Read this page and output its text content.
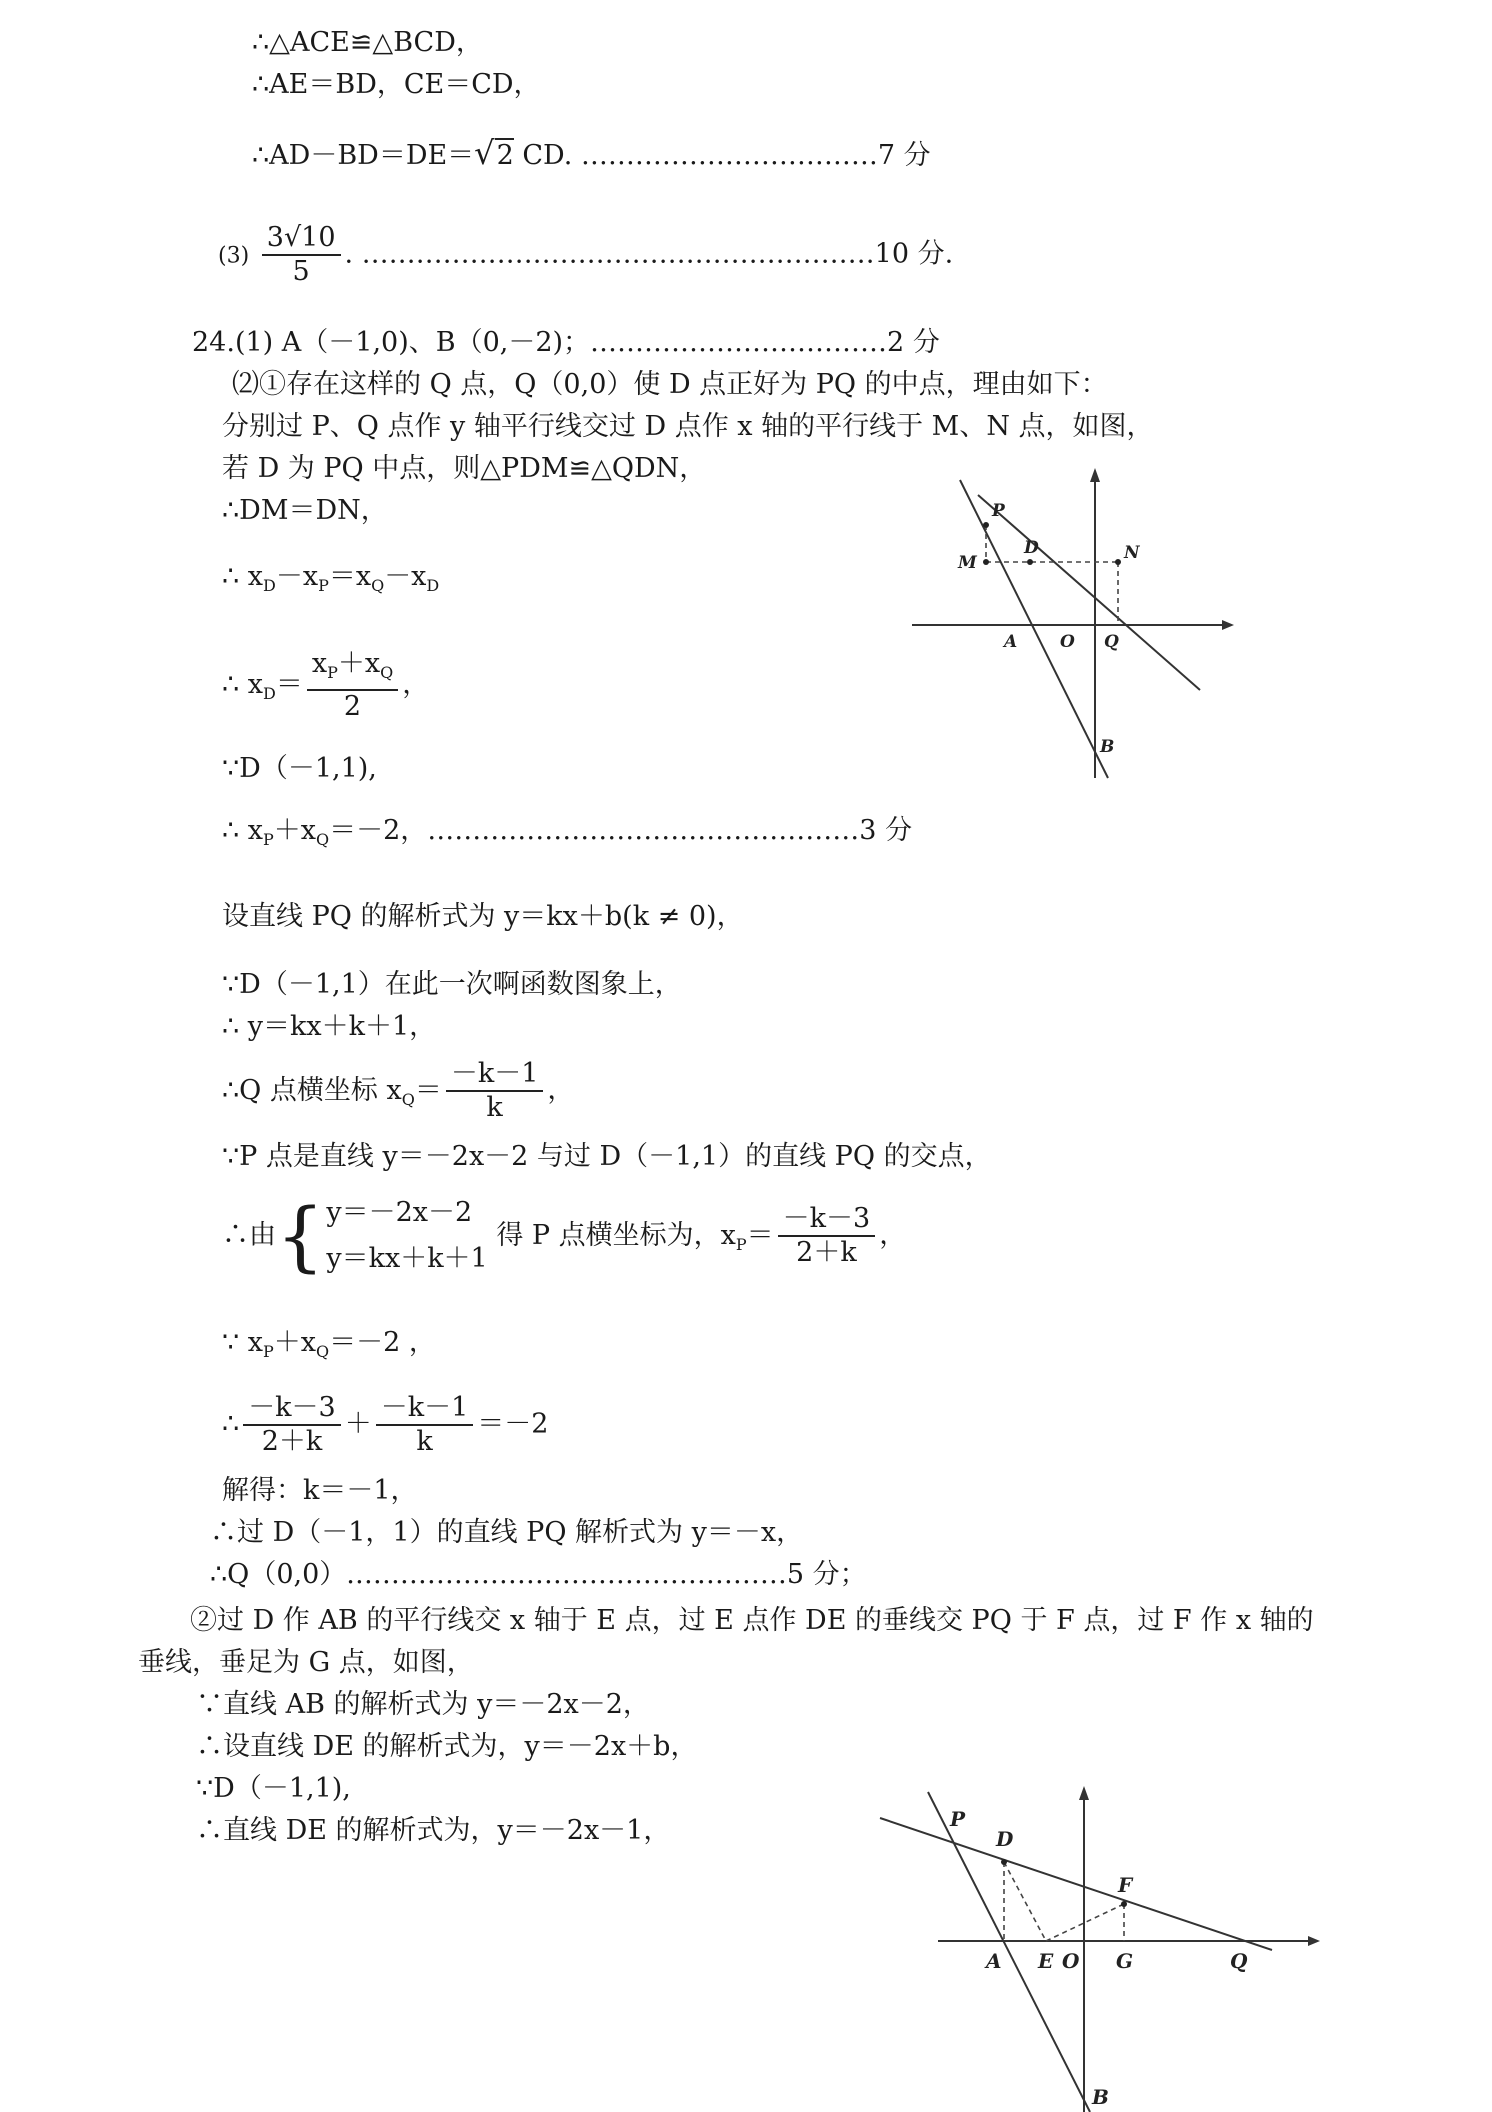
∴△ACE≌△BCD，
∴AE＝BD，CE＝CD，
∴AD－BD＝DE＝√2 CD. ……………………………7 分
$(3) \frac{3√10}{5}$ . …………………………………………………10 分.
24.(1) A（－1,0)、B（0,－2)；……………………………2 分
⑵①存在这样的 Q 点，Q（0,0）使 D 点正好为 PQ 的中点，理由如下：
分别过 P、Q 点作 y 轴平行线交过 D 点作 x 轴的平行线于 M、N 点，如图，
若 D 为 PQ 中点，则△PDM≌△QDN，
∴DM＝DN，
∴ $x_D-x_P=x_Q-x_D$
∴ $x_D= \frac{x_P+x_Q}{2}$ ，
∵D（－1,1),
∴ $x_P+x_Q=-2$，…………………………………………3 分
设直线 PQ 的解析式为 y＝kx＋b(k ≠ 0)，
∵D（－1,1）在此一次啊函数图象上，
∴ y＝kx＋k＋1，
∴Q 点横坐标 $x_Q= \frac{-k-1}{k}$ ，
∵P 点是直线 y＝－2x－2 与过 D（－1,1）的直线 PQ 的交点，
∴由 { y＝－2x－2
y＝kx＋k＋1
得 P 点横坐标为，$x_P= \frac{-k-3}{2+k}$ ，
∵ $x_P+x_Q=-2$ ，
∴ $\frac{-k-3}{2+k} + \frac{-k-1}{k} =-2$
解得：k＝－1，
∴过 D（－1，1）的直线 PQ 解析式为 y＝－x，
∴Q（0,0）.…………………………………………5 分；
②过 D 作 AB 的平行线交 x 轴于 E 点，过 E 点作 DE 的垂线交 PQ 于 F 点，过 F 作 x 轴的
垂线，垂足为 G 点，如图，
∵直线 AB 的解析式为 y＝－2x－2，
∴设直线 DE 的解析式为，y＝－2x＋b，
∵D（－1,1),
∴直线 DE 的解析式为，y＝－2x－1，
P
D
M	N
A	O Q
B
P
D
F
A E O G	Q
B
